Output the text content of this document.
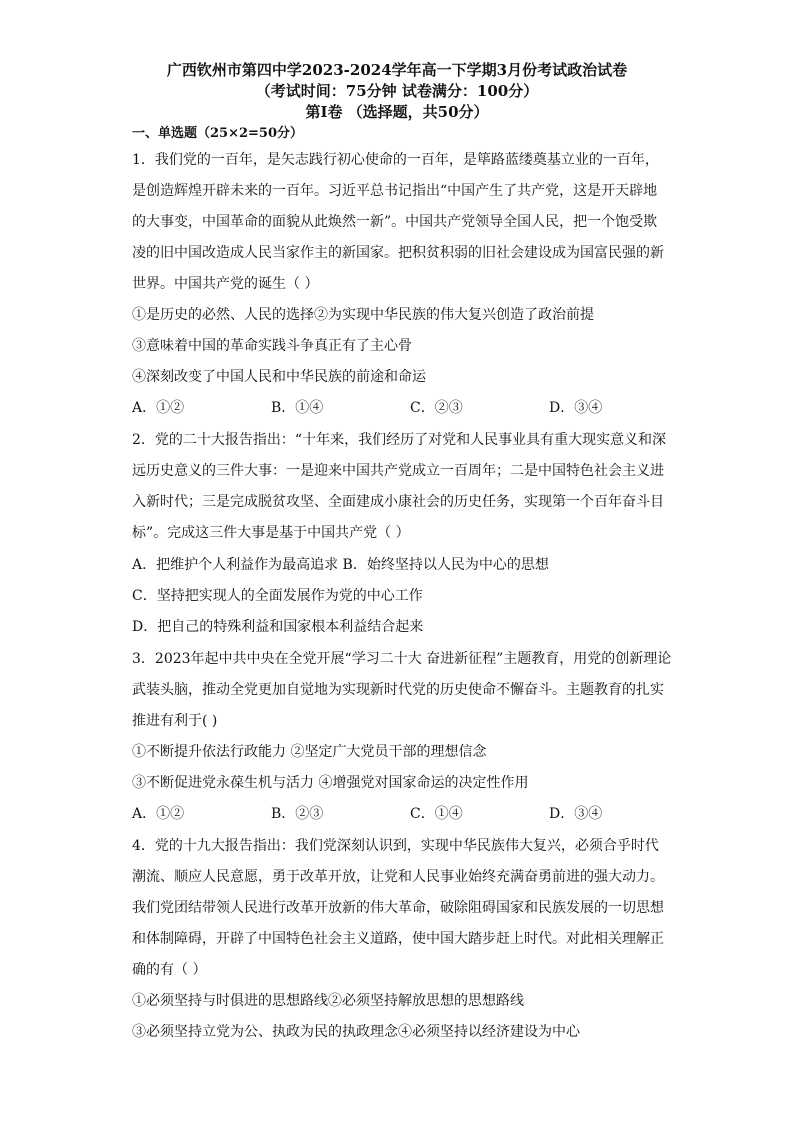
广西钦州市第四中学2023-2024学年高一下学期3月份考试政治试卷
（考试时间：75分钟 试卷满分：100分）
第Ⅰ卷 （选择题，共50分）
一、单选题（25×2=50分）
1．我们党的一百年，是矢志践行初心使命的一百年，是筚路蓝缕奠基立业的一百年，
是创造辉煌开辟未来的一百年。习近平总书记指出“中国产生了共产党，这是开天辟地
的大事变，中国革命的面貌从此焕然一新”。中国共产党领导全国人民，把一个饱受欺
凌的旧中国改造成人民当家作主的新国家。把积贫积弱的旧社会建设成为国富民强的新
世界。中国共产党的诞生（ ）
①是历史的必然、人民的选择②为实现中华民族的伟大复兴创造了政治前提
③意味着中国的革命实践斗争真正有了主心骨
④深刻改变了中国人民和中华民族的前途和命运
A．①②	B．①④	C．②③	D．③④
2．党的二十大报告指出：“十年来，我们经历了对党和人民事业具有重大现实意义和深
远历史意义的三件大事：一是迎来中国共产党成立一百周年；二是中国特色社会主义进
入新时代；三是完成脱贫攻坚、全面建成小康社会的历史任务，实现第一个百年奋斗目
标”。完成这三件大事是基于中国共产党（ ）
A．把维护个人利益作为最高追求 B．始终坚持以人民为中心的思想
C．坚持把实现人的全面发展作为党的中心工作
D．把自己的特殊利益和国家根本利益结合起来
3．2023年起中共中央在全党开展“学习二十大 奋进新征程”主题教育，用党的创新理论
武装头脑，推动全党更加自觉地为实现新时代党的历史使命不懈奋斗。主题教育的扎实
推进有利于( )
①不断提升依法行政能力 ②坚定广大党员干部的理想信念
③不断促进党永葆生机与活力 ④增强党对国家命运的决定性作用
A．①②	B．②③	C．①④	D．③④
4．党的十九大报告指出：我们党深刻认识到，实现中华民族伟大复兴，必须合乎时代
潮流、顺应人民意愿，勇于改革开放，让党和人民事业始终充满奋勇前进的强大动力。
我们党团结带领人民进行改革开放新的伟大革命，破除阻碍国家和民族发展的一切思想
和体制障碍，开辟了中国特色社会主义道路，使中国大踏步赶上时代。对此相关理解正
确的有（ ）
①必须坚持与时俱进的思想路线②必须坚持解放思想的思想路线
③必须坚持立党为公、执政为民的执政理念④必须坚持以经济建设为中心
